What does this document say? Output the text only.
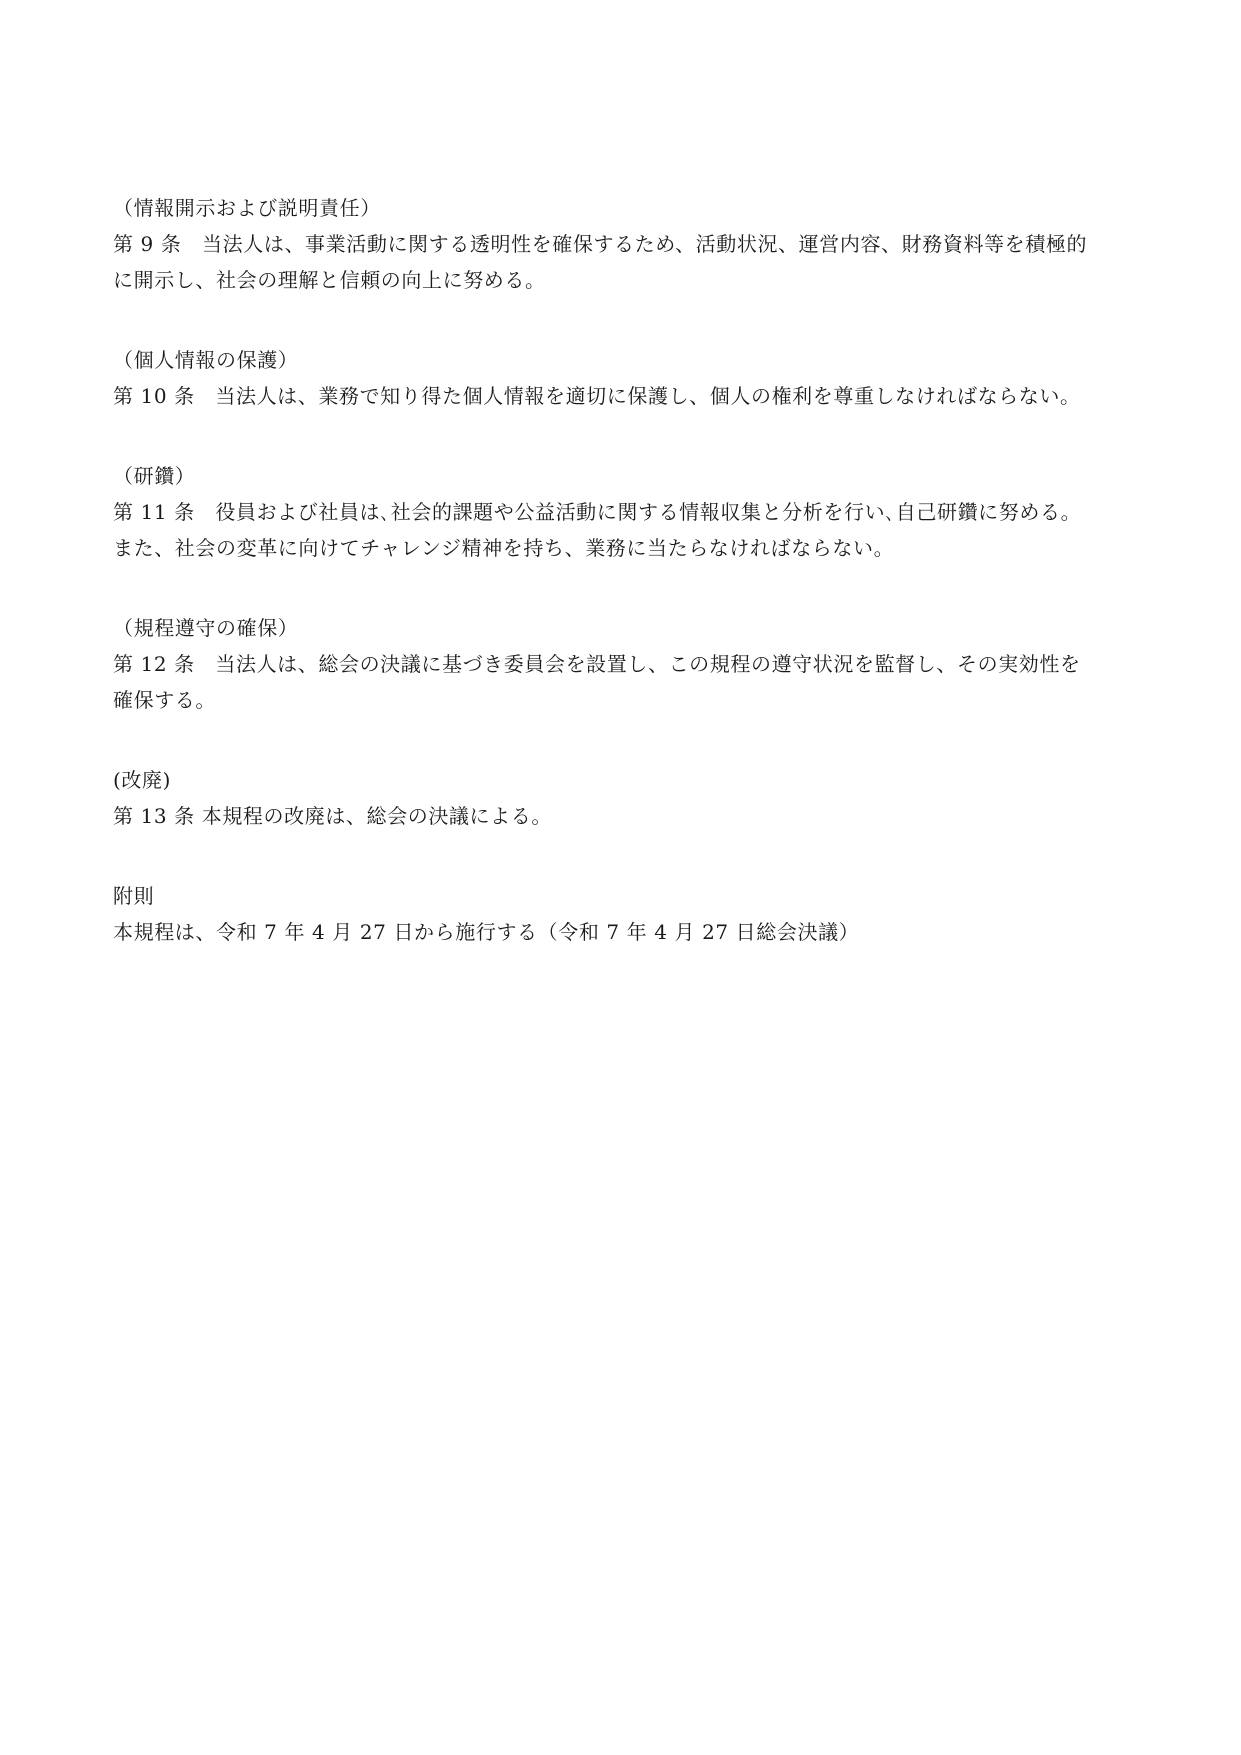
（情報開示および説明責任）
第 9 条　当法人は、事業活動に関する透明性を確保するため、活動状況、運営内容、財務資料等を積極的
に開示し、社会の理解と信頼の向上に努める。
（個人情報の保護）
第 10 条　当法人は、業務で知り得た個人情報を適切に保護し、個人の権利を尊重しなければならない。
（研鑽）
第 11 条　役員および社員は､社会的課題や公益活動に関する情報収集と分析を行い､自己研鑽に努める。
また、社会の変革に向けてチャレンジ精神を持ち、業務に当たらなければならない。
（規程遵守の確保）
第 12 条　当法人は、総会の決議に基づき委員会を設置し、この規程の遵守状況を監督し、その実効性を
確保する。
(改廃)
第 13 条 本規程の改廃は、総会の決議による。
附則
本規程は、令和 7 年 4 月 27 日から施行する（令和 7 年 4 月 27 日総会決議）
